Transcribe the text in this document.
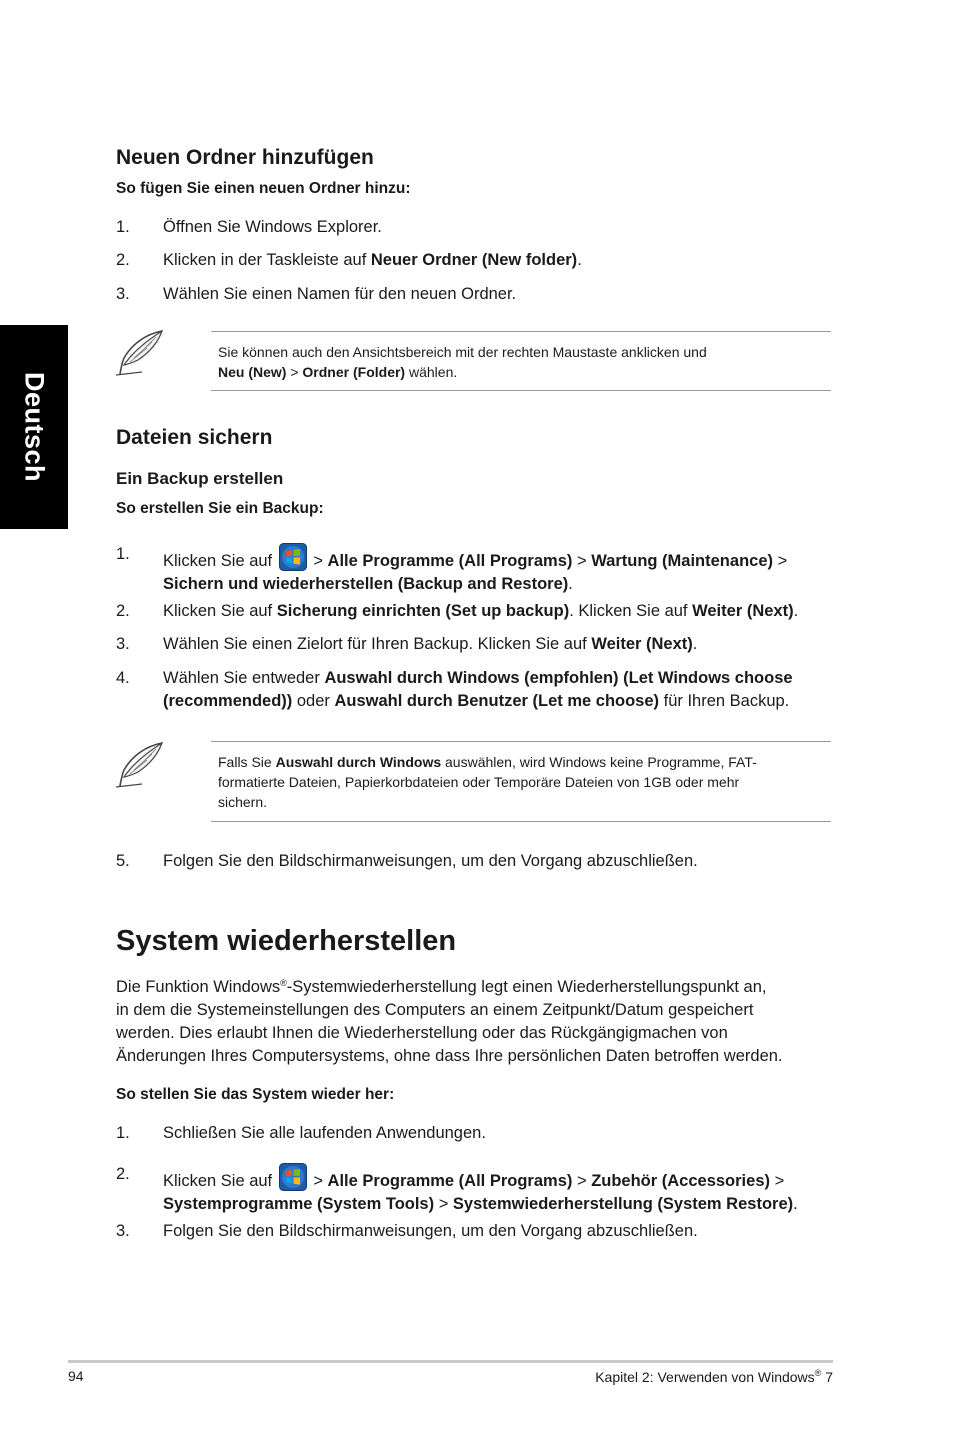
Deutsch
Neuen Ordner hinzufügen
So fügen Sie einen neuen Ordner hinzu:
1. Öffnen Sie Windows Explorer.
2. Klicken in der Taskleiste auf Neuer Ordner (New folder).
3. Wählen Sie einen Namen für den neuen Ordner.
Sie können auch den Ansichtsbereich mit der rechten Maustaste anklicken und
Neu (New) > Ordner (Folder) wählen.
Dateien sichern
Ein Backup erstellen
So erstellen Sie ein Backup:
1. Klicken Sie auf  > Alle Programme (All Programs) > Wartung (Maintenance) >
Sichern und wiederherstellen (Backup and Restore).
2. Klicken Sie auf Sicherung einrichten (Set up backup). Klicken Sie auf Weiter (Next).
3. Wählen Sie einen Zielort für Ihren Backup. Klicken Sie auf Weiter (Next).
4. Wählen Sie entweder Auswahl durch Windows (empfohlen) (Let Windows choose
(recommended)) oder Auswahl durch Benutzer (Let me choose) für Ihren Backup.
Falls Sie Auswahl durch Windows auswählen, wird Windows keine Programme, FAT-
formatierte Dateien, Papierkorbdateien oder Temporäre Dateien von 1GB oder mehr
sichern.
5. Folgen Sie den Bildschirmanweisungen, um den Vorgang abzuschließen.
System wiederherstellen
Die Funktion Windows®-Systemwiederherstellung legt einen Wiederherstellungspunkt an,
in dem die Systemeinstellungen des Computers an einem Zeitpunkt/Datum gespeichert
werden. Dies erlaubt Ihnen die Wiederherstellung oder das Rückgängigmachen von
Änderungen Ihres Computersystems, ohne dass Ihre persönlichen Daten betroffen werden.
So stellen Sie das System wieder her:
1. Schließen Sie alle laufenden Anwendungen.
2. Klicken Sie auf  > Alle Programme (All Programs) > Zubehör (Accessories) >
Systemprogramme (System Tools) > Systemwiederherstellung (System Restore).
3. Folgen Sie den Bildschirmanweisungen, um den Vorgang abzuschließen.
94	Kapitel 2: Verwenden von Windows® 7
